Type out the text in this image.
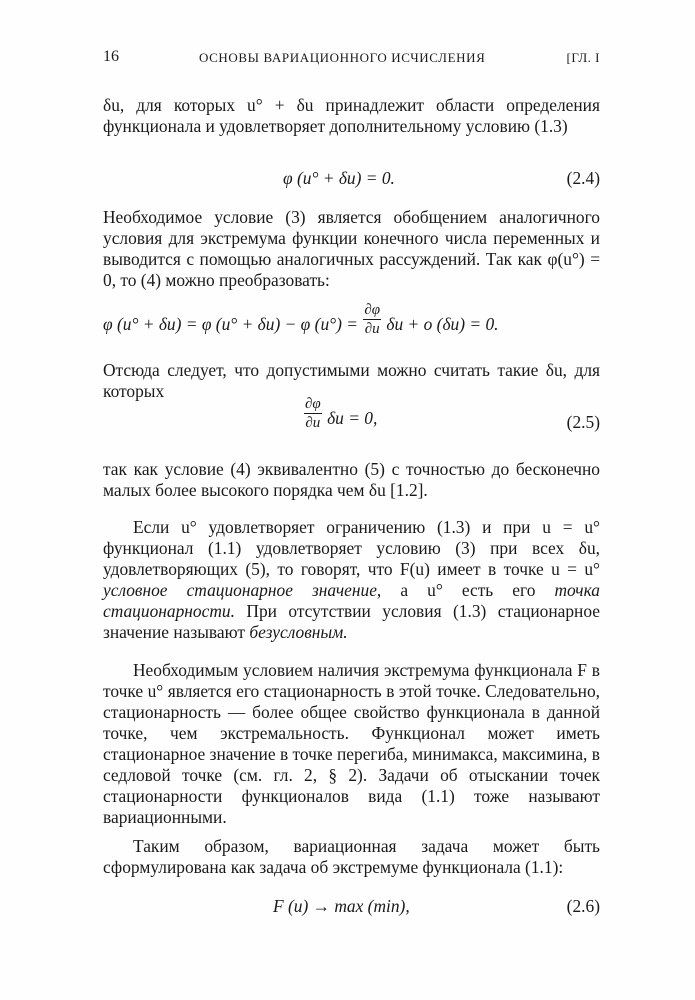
16	ОСНОВЫ ВАРИАЦИОННОГО ИСЧИСЛЕНИЯ	[ГЛ. I
δu, для которых u° + δu принадлежит области определения функционала и удовлетворяет дополнительному условию (1.3)
φ (u° + δu) = 0.	(2.4)
Необходимое условие (3) является обобщением аналогичного условия для экстремума функции конечного числа переменных и выводится с помощью аналогичных рассуждений. Так как φ(u°) = 0, то (4) можно преобразовать:
φ (u° + δu) = φ (u° + δu) − φ $(u^\circ) = \frac{\partial\varphi}{\partial u}$ δu + o (δu) = 0.
Отсюда следует, что допустимыми можно считать такие δu, для которых
$\frac{\partial\varphi}{\partial u}$ δu = 0,	(2.5)
так как условие (4) эквивалентно (5) с точностью до бесконечно малых более высокого порядка чем δu [1.2].
Если u° удовлетворяет ограничению (1.3) и при u = u° функционал (1.1) удовлетворяет условию (3) при всех δu, удовлетворяющих (5), то говорят, что F(u) имеет в точке u = u° условное стационарное значение, а u° есть его точка стационарности. При отсутствии условия (1.3) стационарное значение называют безусловным.
Необходимым условием наличия экстремума функционала F в точке u° является его стационарность в этой точке. Следовательно, стационарность — более общее свойство функционала в данной точке, чем экстремальность. Функционал может иметь стационарное значение в точке перегиба, минимакса, максимина, в седловой точке (см. гл. 2, § 2). Задачи об отыскании точек стационарности функционалов вида (1.1) тоже называют вариационными.
Таким образом, вариационная задача может быть сформулирована как задача об экстремуме функционала (1.1):
F (u) → max (min),	(2.6)
